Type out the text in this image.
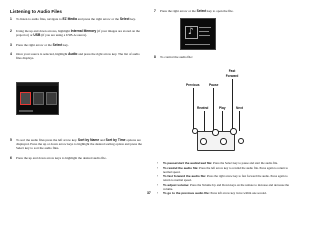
Listening to Audio Files
1 To listen to audio files, navigate to EZ Media and press the right arrow or the Select key.
2 Using the up and down arrows, highlight Internal Memory (if your images are stored on the projector) or USB (if you are using a USB-A source).
3 Press the right arrow or the Select key.
4 Once your source is selected, highlight Audio and press the right arrow key. The list of audio files displays.
5 To sort the audio files press the left arrow key. Sort by Name and Sort by Time options are displayed. Press the up or down arrow keys to highlight the desired sorting option and press the Select key to sort the audio files.
6 Press the up and down arrow keys to highlight the desired audio file.
7 Press the right arrow or the Select key to open the file.
♪
8 To control the audio file:
Previous	Pause
Fast Forward
Rewind	Play	Next
• To pause/start the audio/read file: Press the Select key to pause and start the audio file.
• To rewind the audio file: Press the left arrow key to rewind the audio file. Press again to return to normal speed.
• To fast forward the audio file: Press the right arrow key to fast forward the audio. Press again to return to normal speed.
• To adjust volume: Press the Volume Up and Down keys on the remote to increase and decrease the volume.
• To go to the previous audio file: Press left arrow key twice within one second.
37
